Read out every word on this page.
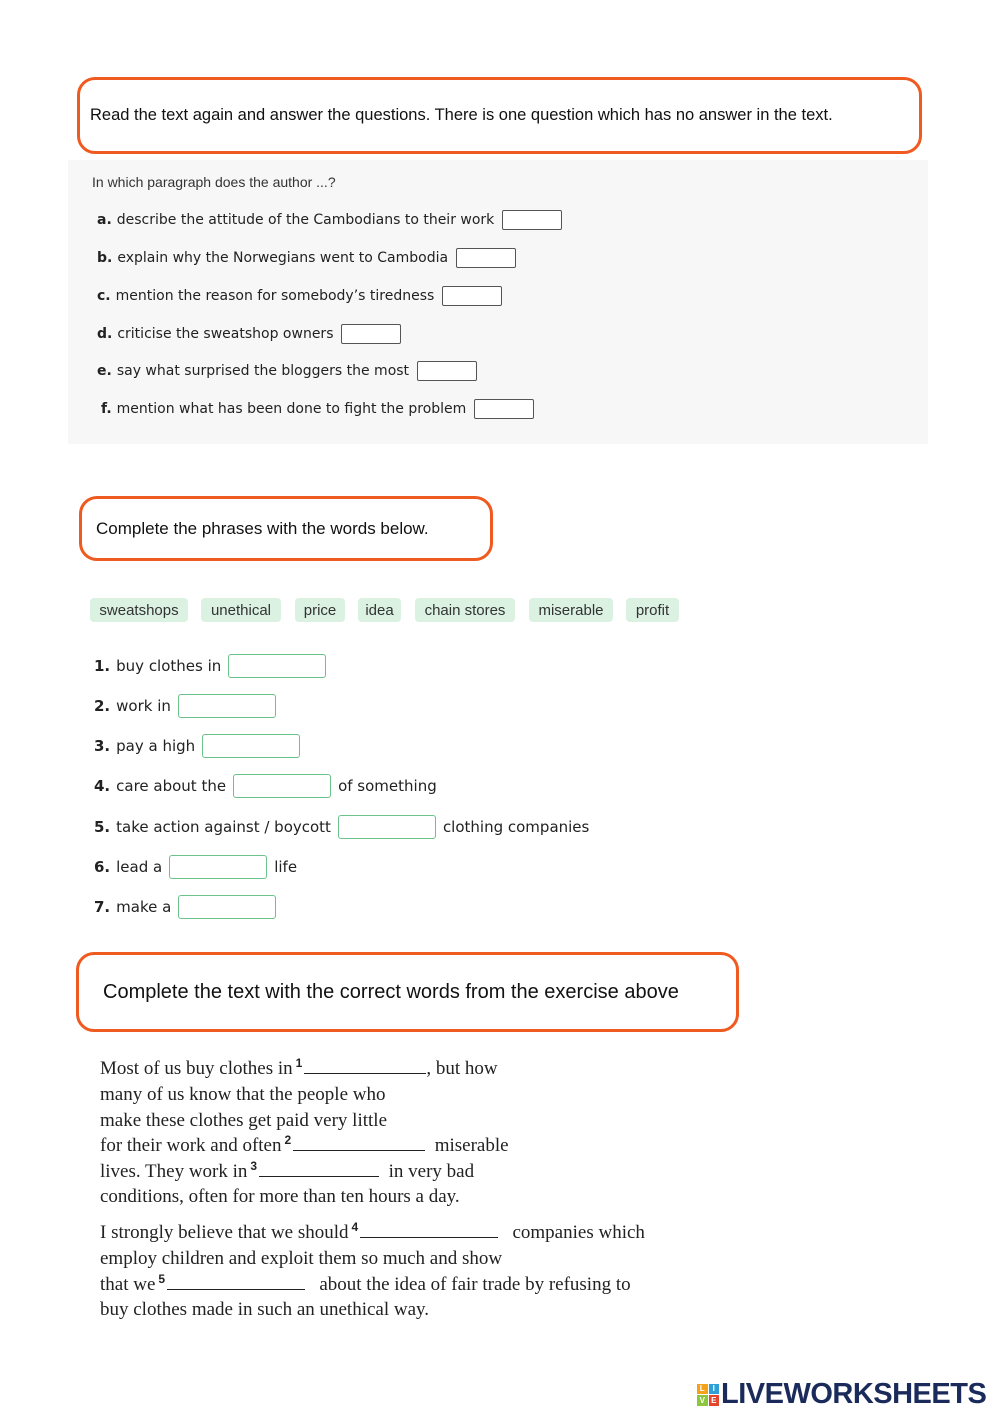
Read the text again and answer the questions. There is one question which has no answer in the text.
In which paragraph does the author ...?
a. describe the attitude of the Cambodians to their work
b. explain why the Norwegians went to Cambodia
c. mention the reason for somebody’s tiredness
d. criticise the sweatshop owners
e. say what surprised the bloggers the most
f. mention what has been done to fight the problem
Complete the phrases with the words below.
sweatshops	unethical	price	idea	chain stores	miserable	profit
1. buy clothes in
2. work in
3. pay a high
4. care about the	of something
5. take action against / boycott	clothing companies
6. lead a	life
7. make a
Complete the text with the correct words from the exercise above
Most of us buy clothes in $^1$	, but how
many of us know that the people who
make these clothes get paid very little
for their work and often $^2$	miserable
lives. They work in $^3$	in very bad
conditions, often for more than ten hours a day.
I strongly believe that we should $^4$	companies which
employ children and exploit them so much and show
that we $^5$	about the idea of fair trade by refusing to
buy clothes made in such an unethical way.
L I
V E LIVEWORKSHEETS
